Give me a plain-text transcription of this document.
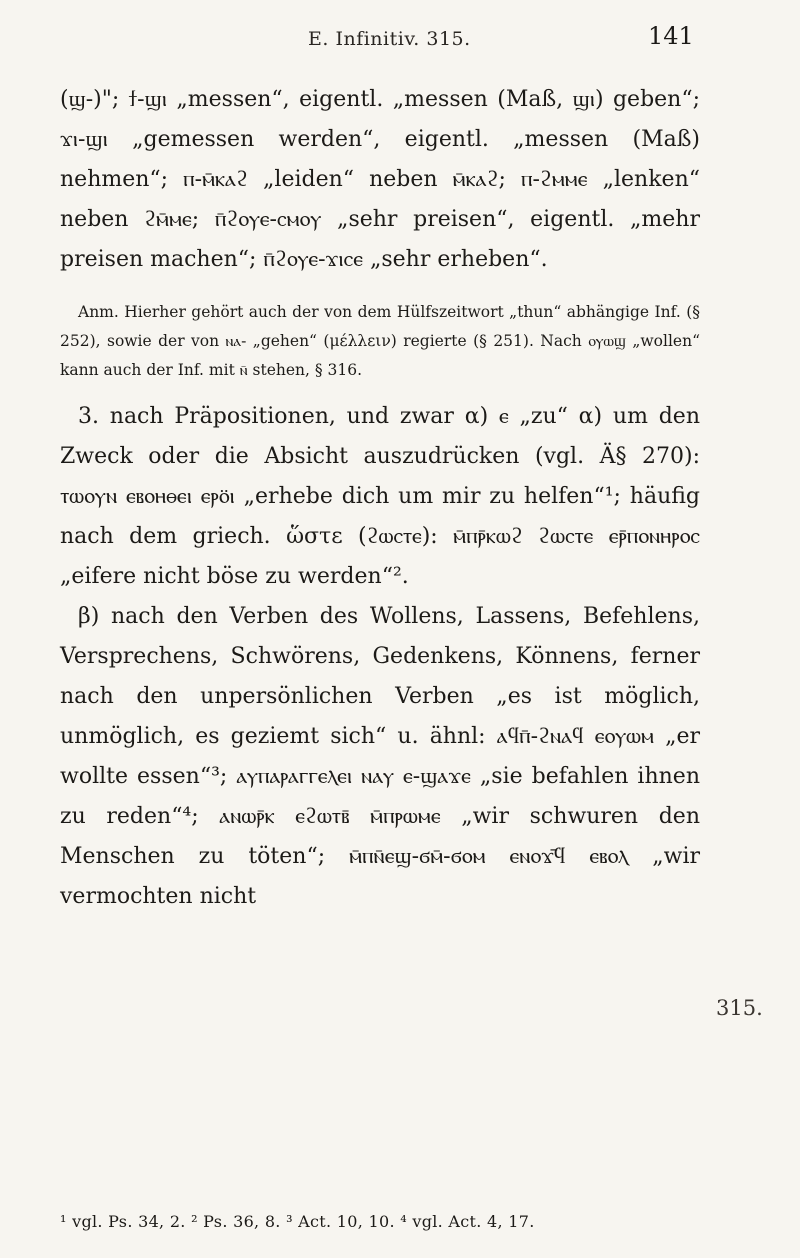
E. Infinitiv. 315.	141

(ϣ-)"; ϯ-ϣⲓ „messen“, eigentl. „messen (Maß, ϣⲓ) geben“; ϫⲓ-ϣⲓ „gemessen werden“, eigentl. „messen (Maß) nehmen“; ⲡ-ⲙ̄ⲕⲁϩ „leiden“ neben ⲙ̄ⲕⲁϩ; ⲡ-ϩⲙⲙⲉ „lenken“ neben ϩⲙ̄ⲙⲉ; ⲡ̄ϩⲟⲩⲉ-ⲥⲙⲟⲩ „sehr preisen“, eigentl. „mehr preisen machen“; ⲡ̄ϩⲟⲩⲉ-ϫⲓⲥⲉ „sehr erheben“.

Anm. Hierher gehört auch der von dem Hülfszeitwort „thun“ abhängige Inf. (§ 252), sowie der von ⲛⲁ- „gehen“ (μέλλειν) regierte (§ 251). Nach ⲟⲩⲱϣ „wollen“ kann auch der Inf. mit ⲛ̄ stehen, § 316.

3. nach Präpositionen, und zwar α) ⲉ „zu“ α) um den Zweck oder die Absicht auszudrücken (vgl. Ä§ 270): ⲧⲱⲟⲩⲛ ⲉⲃⲟⲏⲑⲉⲓ ⲉⲣⲟ̈ⲓ „erhebe dich um mir zu helfen“¹; häufig nach dem griech. ὥστε (ϩⲱⲥⲧⲉ): ⲙ̄ⲡⲣ̄ⲕⲱϩ ϩⲱⲥⲧⲉ ⲉⲣ̄ⲡⲟⲛⲏⲣⲟⲥ „eifere nicht böse zu werden“².

β) nach den Verben des Wollens, Lassens, Befehlens, Versprechens, Schwörens, Gedenkens, Könnens, ferner nach den unpersönlichen Verben „es ist möglich, unmöglich, es geziemt sich“ u. ähnl: ⲁϥⲡ̄-ϩⲛⲁϥ ⲉⲟⲩⲱⲙ „er wollte essen“³; ⲁⲩⲡⲁⲣⲁⲅⲅⲉⲗⲉⲓ ⲛⲁⲩ ⲉ-ϣⲁϫⲉ „sie befahlen ihnen zu reden“⁴; ⲁⲛⲱⲣ̄ⲕ ⲉϩⲱⲧⲃ̄ ⲙ̄ⲡⲣⲱⲙⲉ „wir schwuren den Menschen zu töten“; ⲙ̄ⲡⲛ̄ⲉϣ-ϭⲙ̄-ϭⲟⲙ ⲉⲛⲟϫ̄ϥ ⲉⲃⲟⲗ „wir vermochten nicht

315.
¹ vgl. Ps. 34, 2. ² Ps. 36, 8. ³ Act. 10, 10. ⁴ vgl. Act. 4, 17.
